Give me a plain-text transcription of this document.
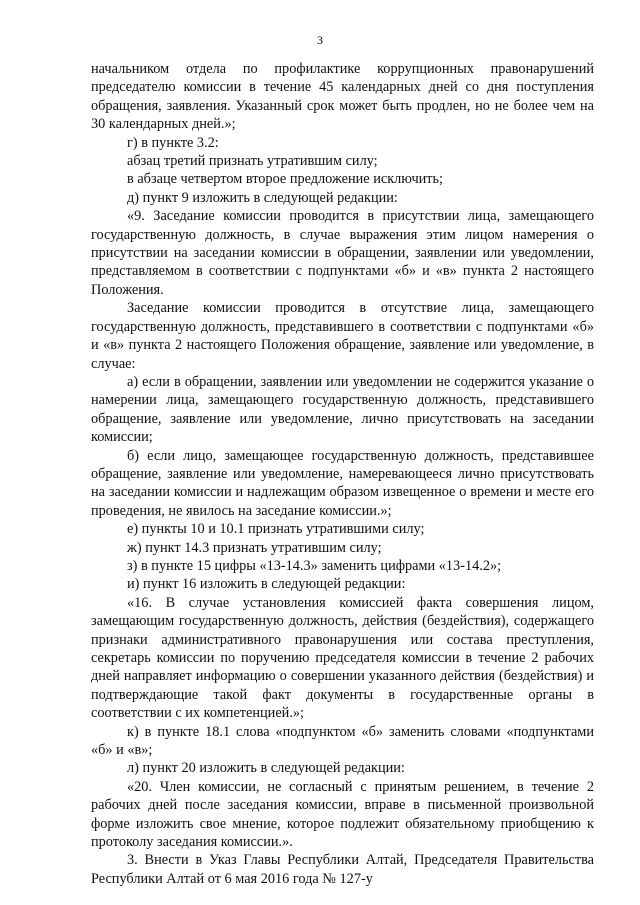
3

начальником отдела по профилактике коррупционных правонарушений председателю комиссии в течение 45 календарных дней со дня поступления обращения, заявления. Указанный срок может быть продлен, но не более чем на 30 календарных дней.»;

г) в пункте 3.2:

абзац третий признать утратившим силу;

в абзаце четвертом второе предложение исключить;

д) пункт 9 изложить в следующей редакции:

«9. Заседание комиссии проводится в присутствии лица, замещающего государственную должность, в случае выражения этим лицом намерения о присутствии на заседании комиссии в обращении, заявлении или уведомлении, представляемом в соответствии с подпунктами «б» и «в» пункта 2 настоящего Положения.

Заседание комиссии проводится в отсутствие лица, замещающего государственную должность, представившего в соответствии с подпунктами «б» и «в» пункта 2 настоящего Положения обращение, заявление или уведомление, в случае:

а) если в обращении, заявлении или уведомлении не содержится указание о намерении лица, замещающего государственную должность, представившего обращение, заявление или уведомление, лично присутствовать на заседании комиссии;

б) если лицо, замещающее государственную должность, представившее обращение, заявление или уведомление, намеревающееся лично присутствовать на заседании комиссии и надлежащим образом извещенное о времени и месте его проведения, не явилось на заседание комиссии.»;

е) пункты 10 и 10.1 признать утратившими силу;

ж) пункт 14.3 признать утратившим силу;

з) в пункте 15 цифры «13-14.3» заменить цифрами «13-14.2»;

и) пункт 16 изложить в следующей редакции:

«16. В случае установления комиссией факта совершения лицом, замещающим государственную должность, действия (бездействия), содержащего признаки административного правонарушения или состава преступления, секретарь комиссии по поручению председателя комиссии в течение 2 рабочих дней направляет информацию о совершении указанного действия (бездействия) и подтверждающие такой факт документы в государственные органы в соответствии с их компетенцией.»;

к) в пункте 18.1 слова «подпунктом «б» заменить словами «подпунктами «б» и «в»;

л) пункт 20 изложить в следующей редакции:

«20. Член комиссии, не согласный с принятым решением, в течение 2 рабочих дней после заседания комиссии, вправе в письменной произвольной форме изложить свое мнение, которое подлежит обязательному приобщению к протоколу заседания комиссии.».

3. Внести в Указ Главы Республики Алтай, Председателя Правительства Республики Алтай от 6 мая 2016 года № 127-у
